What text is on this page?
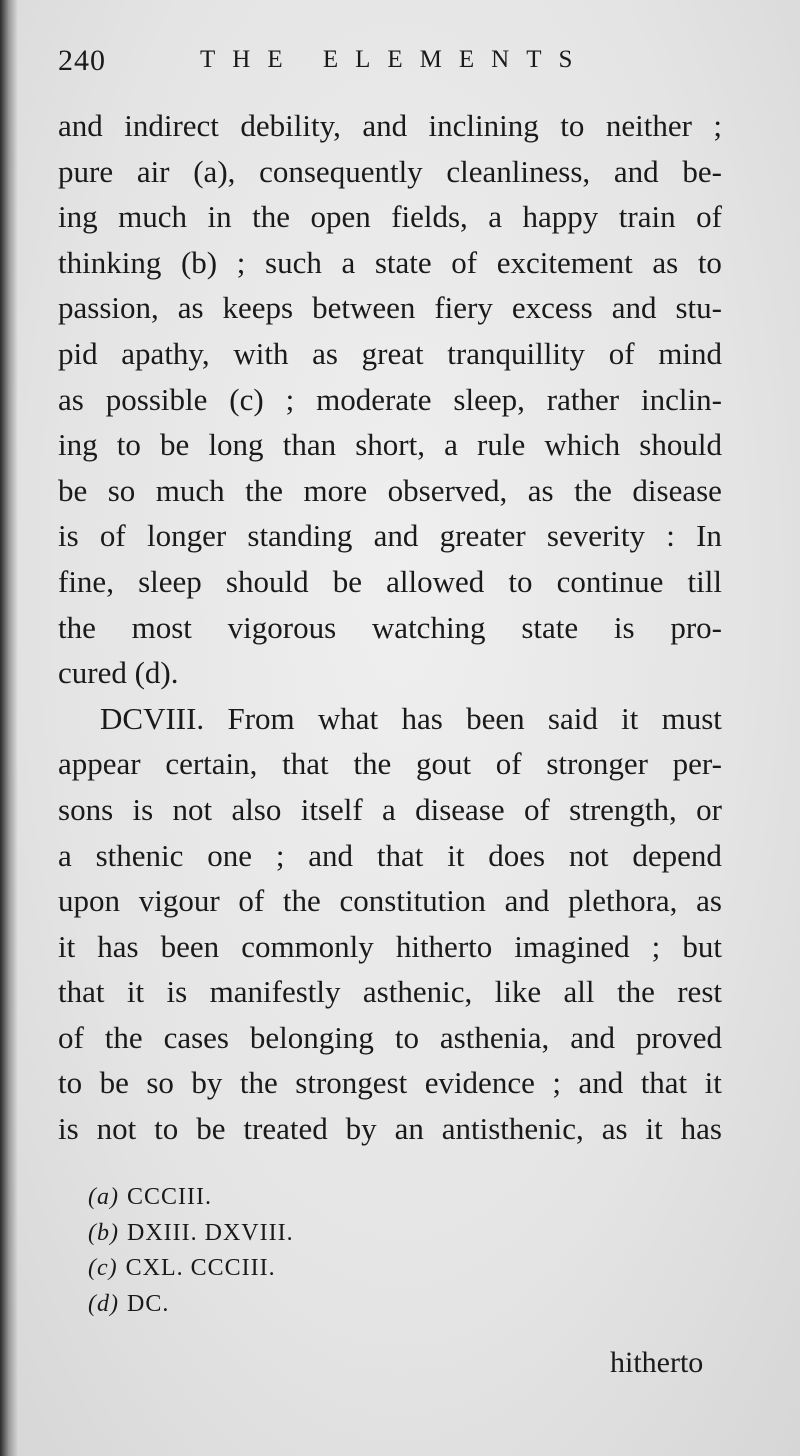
240	THE ELEMENTS
and indirect debility, and inclining to neither ;
pure air (a), consequently cleanliness, and be-
ing much in the open fields, a happy train of
thinking (b) ; such a state of excitement as to
passion, as keeps between fiery excess and stu-
pid apathy, with as great tranquillity of mind
as possible (c) ; moderate sleep, rather inclin-
ing to be long than short, a rule which should
be so much the more observed, as the disease
is of longer standing and greater severity : In
fine, sleep should be allowed to continue till
the most vigorous watching state is pro-
cured (d).
DCVIII. From what has been said it must
appear certain, that the gout of stronger per-
sons is not also itself a disease of strength, or
a sthenic one ; and that it does not depend
upon vigour of the constitution and plethora, as
it has been commonly hitherto imagined ; but
that it is manifestly asthenic, like all the rest
of the cases belonging to asthenia, and proved
to be so by the strongest evidence ; and that it
is not to be treated by an antisthenic, as it has
(a) CCCIII.
(b) DXIII. DXVIII.
(c) CXL. CCCIII.
(d) DC.
hitherto
